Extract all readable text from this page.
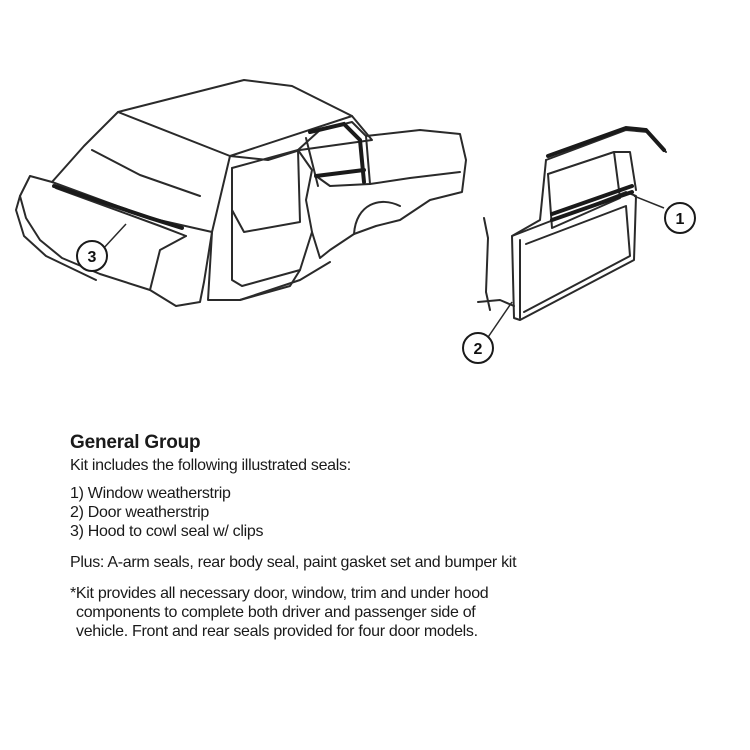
1
2
3

General Group

Kit includes the following illustrated seals:

1) Window weatherstrip

2) Door weatherstrip

3) Hood to cowl seal w/ clips

Plus: A-arm seals, rear body seal, paint gasket set and bumper kit

*Kit provides all necessary door, window, trim and under hood

components to complete both driver and passenger side of

vehicle. Front and rear seals provided for four door models.
